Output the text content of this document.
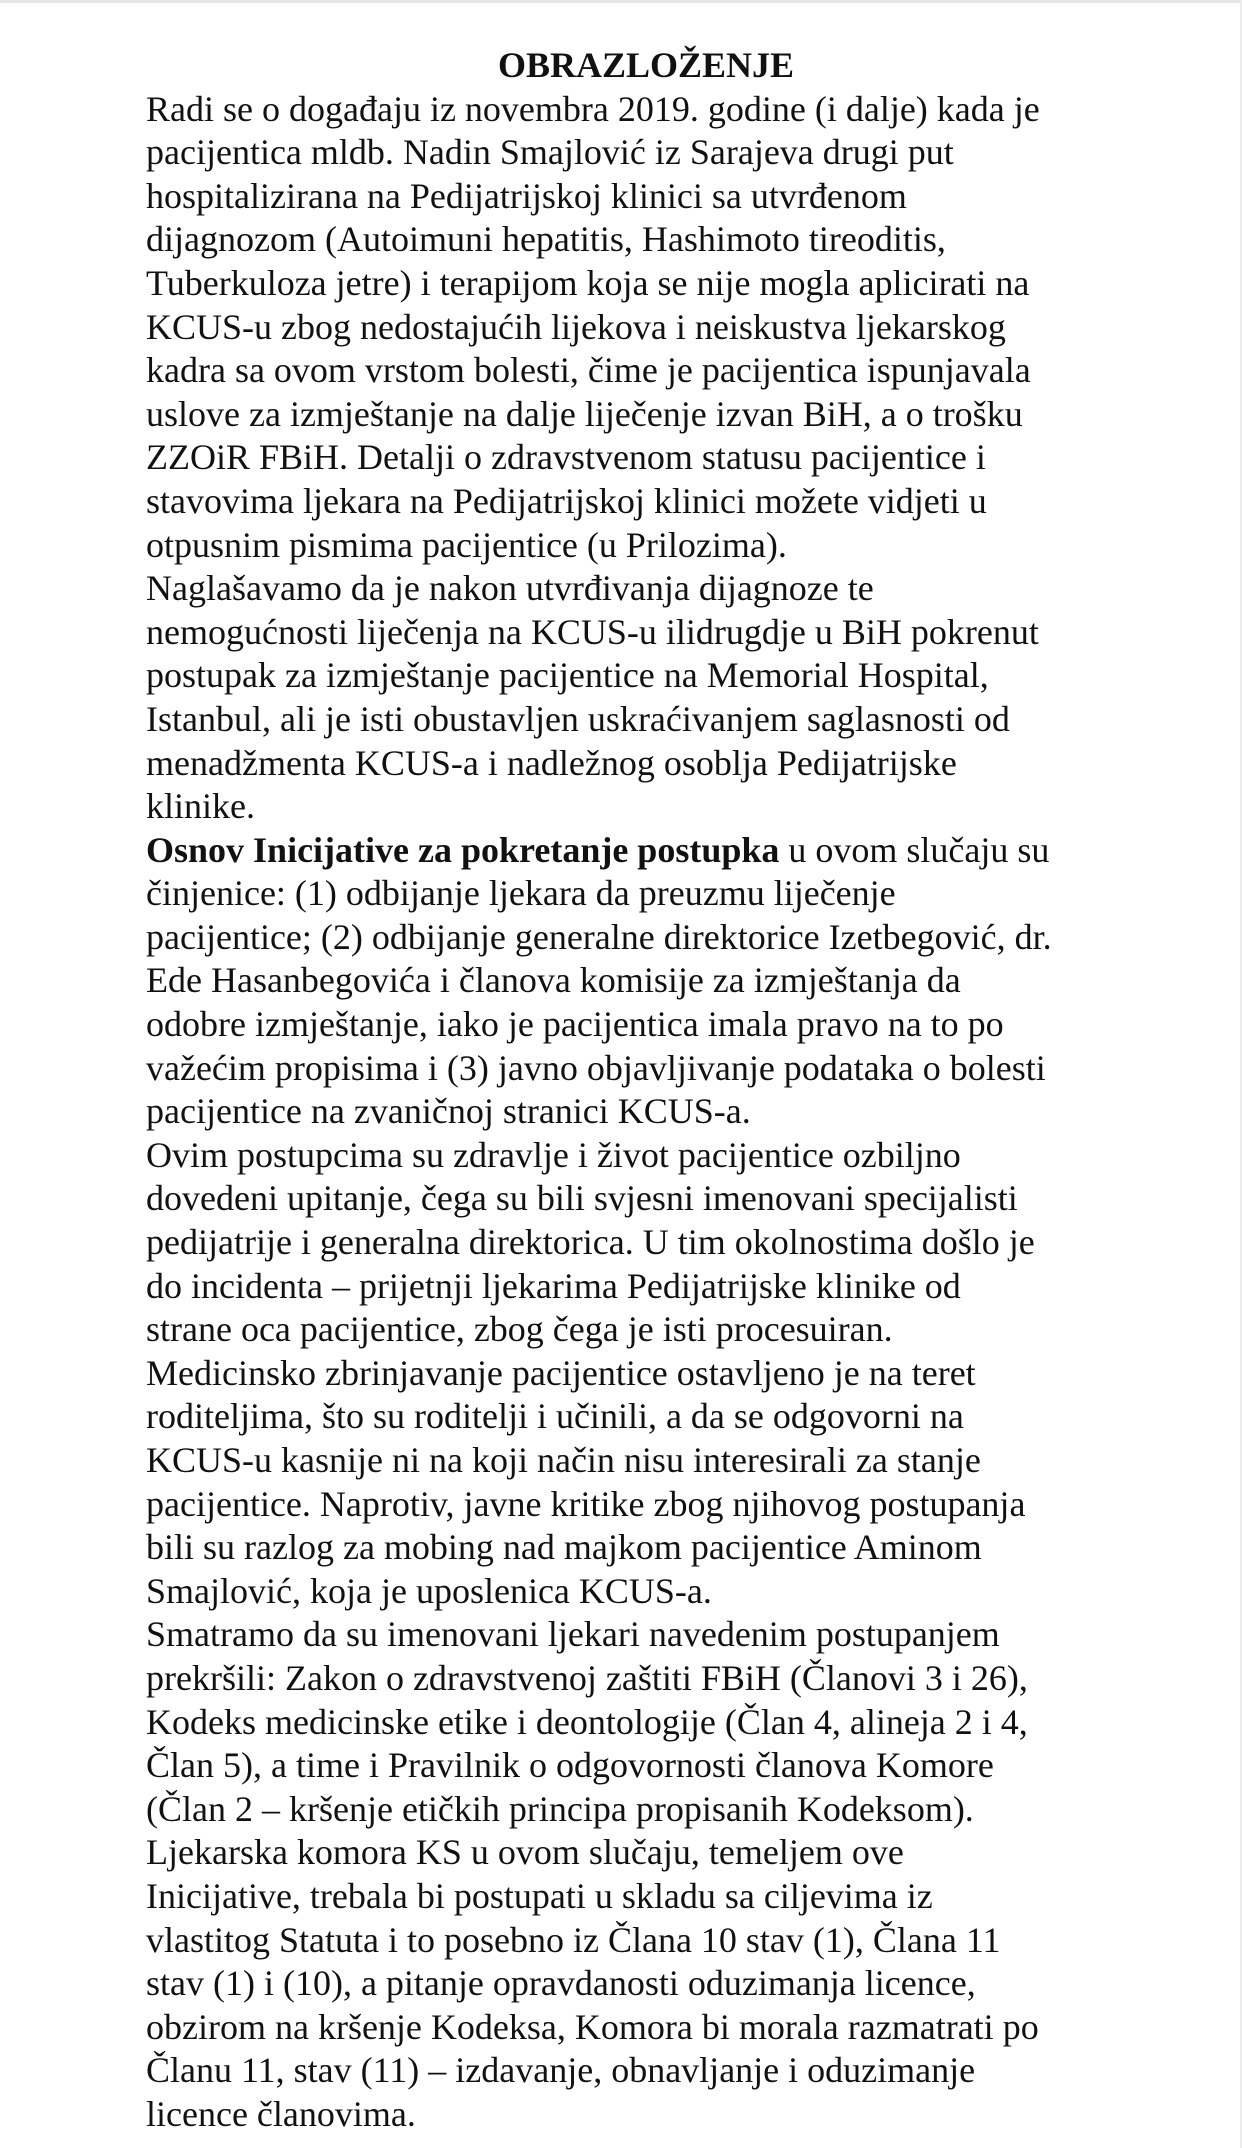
OBRAZLOŽENJE

Radi se o događaju iz novembra 2019. godine (i dalje) kada je
pacijentica mldb. Nadin Smajlović iz Sarajeva drugi put
hospitalizirana na Pedijatrijskoj klinici sa utvrđenom
dijagnozom (Autoimuni hepatitis, Hashimoto tireoditis,
Tuberkuloza jetre) i terapijom koja se nije mogla aplicirati na
KCUS-u zbog nedostajućih lijekova i neiskustva ljekarskog
kadra sa ovom vrstom bolesti, čime je pacijentica ispunjavala
uslove za izmještanje na dalje liječenje izvan BiH, a o trošku
ZZOiR FBiH. Detalji o zdravstvenom statusu pacijentice i
stavovima ljekara na Pedijatrijskoj klinici možete vidjeti u
otpusnim pismima pacijentice (u Prilozima).

Naglašavamo da je nakon utvrđivanja dijagnoze te
nemogućnosti liječenja na KCUS-u ilidrugdje u BiH pokrenut
postupak za izmještanje pacijentice na Memorial Hospital,
Istanbul, ali je isti obustavljen uskraćivanjem saglasnosti od
menadžmenta KCUS-a i nadležnog osoblja Pedijatrijske
klinike.

Osnov Inicijative za pokretanje postupka u ovom slučaju su
činjenice: (1) odbijanje ljekara da preuzmu liječenje
pacijentice; (2) odbijanje generalne direktorice Izetbegović, dr.
Ede Hasanbegovića i članova komisije za izmještanja da
odobre izmještanje, iako je pacijentica imala pravo na to po
važećim propisima i (3) javno objavljivanje podataka o bolesti
pacijentice na zvaničnoj stranici KCUS-a.

Ovim postupcima su zdravlje i život pacijentice ozbiljno
dovedeni upitanje, čega su bili svjesni imenovani specijalisti
pedijatrije i generalna direktorica. U tim okolnostima došlo je
do incidenta – prijetnji ljekarima Pedijatrijske klinike od
strane oca pacijentice, zbog čega je isti procesuiran.
Medicinsko zbrinjavanje pacijentice ostavljeno je na teret
roditeljima, što su roditelji i učinili, a da se odgovorni na
KCUS-u kasnije ni na koji način nisu interesirali za stanje
pacijentice. Naprotiv, javne kritike zbog njihovog postupanja
bili su razlog za mobing nad majkom pacijentice Aminom
Smajlović, koja je uposlenica KCUS-a.

Smatramo da su imenovani ljekari navedenim postupanjem
prekršili: Zakon o zdravstvenoj zaštiti FBiH (Članovi 3 i 26),
Kodeks medicinske etike i deontologije (Član 4, alineja 2 i 4,
Član 5), a time i Pravilnik o odgovornosti članova Komore
(Član 2 – kršenje etičkih principa propisanih Kodeksom).

Ljekarska komora KS u ovom slučaju, temeljem ove
Inicijative, trebala bi postupati u skladu sa ciljevima iz
vlastitog Statuta i to posebno iz Člana 10 stav (1), Člana 11
stav (1) i (10), a pitanje opravdanosti oduzimanja licence,
obzirom na kršenje Kodeksa, Komora bi morala razmatrati po
Članu 11, stav (11) – izdavanje, obnavljanje i oduzimanje
licence članovima.
